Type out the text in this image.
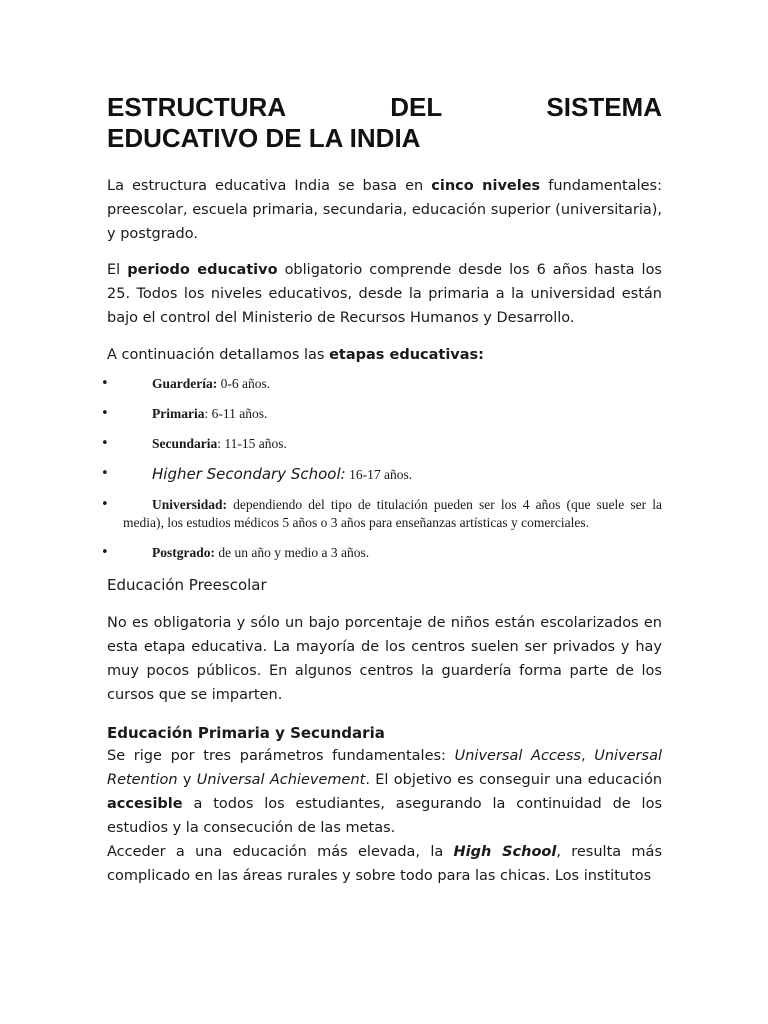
ESTRUCTURA	DEL	SISTEMA
EDUCATIVO DE LA INDIA

La estructura educativa India se basa en cinco niveles fundamentales: preescolar, escuela primaria, secundaria, educación superior (universitaria), y postgrado.

El periodo educativo obligatorio comprende desde los 6 años hasta los 25. Todos los niveles educativos, desde la primaria a la universidad están bajo el control del Ministerio de Recursos Humanos y Desarrollo.

A continuación detallamos las etapas educativas:

•	Guardería: 0-6 años.
•	Primaria: 6-11 años.
•	Secundaria: 11-15 años.
•	Higher Secondary School: 16-17 años.
•	Universidad: dependiendo del tipo de titulación pueden ser los 4 años (que suele ser la media), los estudios médicos 5 años o 3 años para enseñanzas artísticas y comerciales.
•	Postgrado: de un año y medio a 3 años.
Educación Preescolar

No es obligatoria y sólo un bajo porcentaje de niños están escolarizados en esta etapa educativa. La mayoría de los centros suelen ser privados y hay muy pocos públicos. En algunos centros la guardería forma parte de los cursos que se imparten.

Educación Primaria y Secundaria

Se rige por tres parámetros fundamentales: Universal Access, Universal Retention y Universal Achievement. El objetivo es conseguir una educación accesible a todos los estudiantes, asegurando la continuidad de los estudios y la consecución de las metas.

Acceder a una educación más elevada, la High School, resulta más complicado en las áreas rurales y sobre todo para las chicas. Los institutos
